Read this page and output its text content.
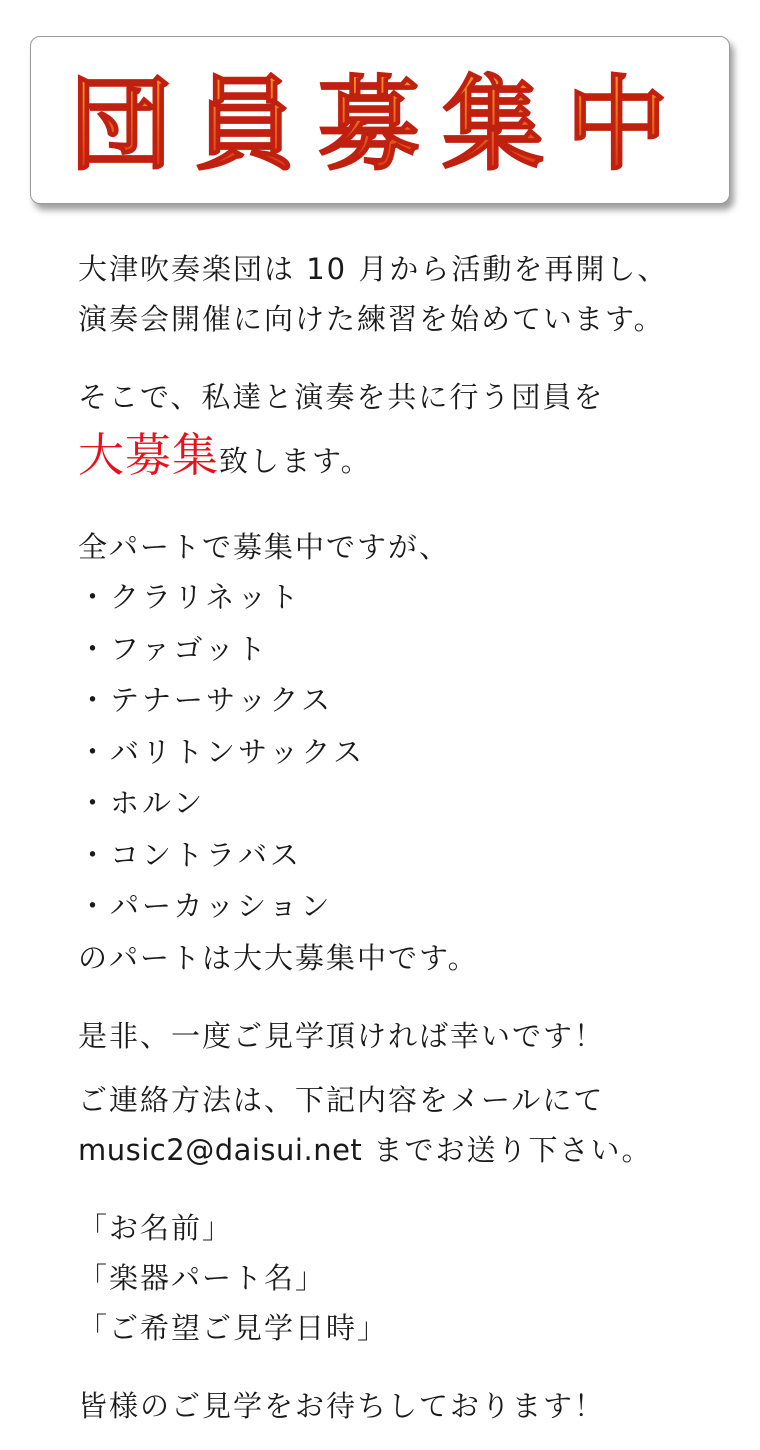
団員募集中
大津吹奏楽団は 10 月から活動を再開し、
演奏会開催に向けた練習を始めています。
そこで、私達と演奏を共に行う団員を
大募集致します。
全パートで募集中ですが、
・クラリネット
・ファゴット
・テナーサックス
・バリトンサックス
・ホルン
・コントラバス
・パーカッション
のパートは大大募集中です。
是非、一度ご見学頂ければ幸いです！
ご連絡方法は、下記内容をメールにて
music2@daisui.net までお送り下さい。
「お名前」
「楽器パート名」
「ご希望ご見学日時」
皆様のご見学をお待ちしております！
